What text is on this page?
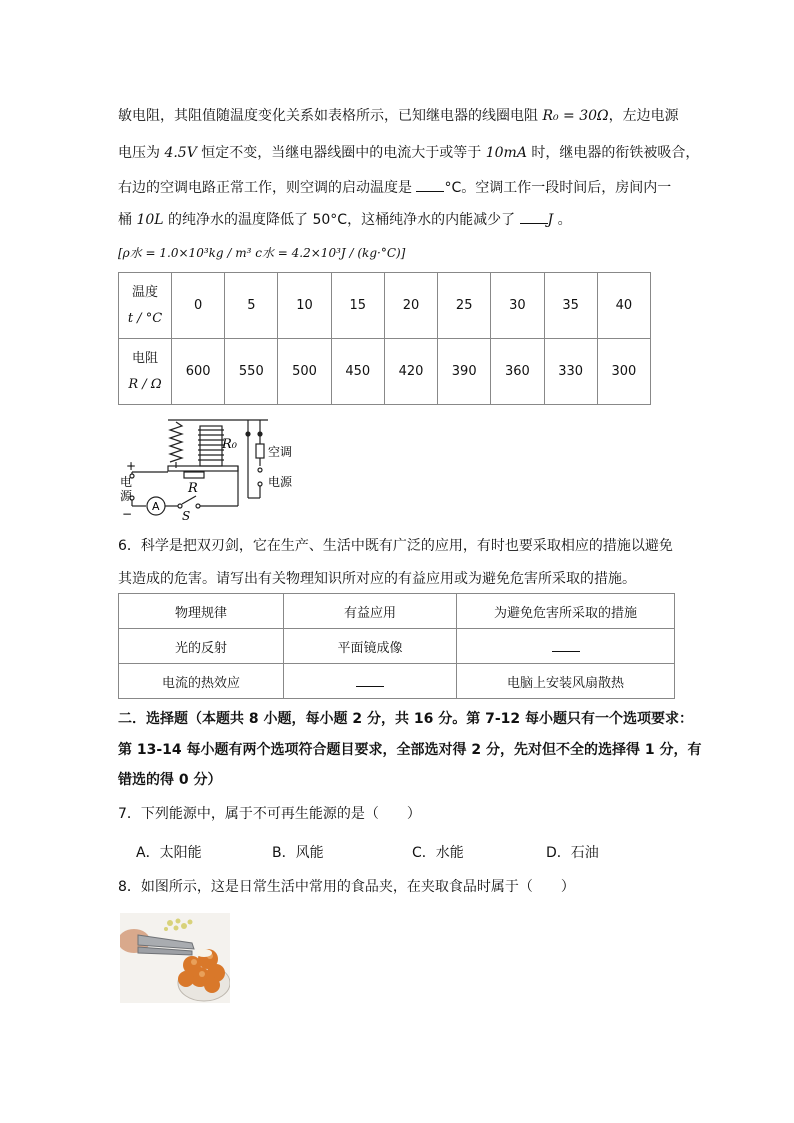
敏电阻，其阻值随温度变化关系如表格所示，已知继电器的线圈电阻 R₀ = 30Ω，左边电源
电压为 4.5V 恒定不变，当继电器线圈中的电流大于或等于 10mA 时，继电器的衔铁被吸合，
右边的空调电路正常工作，则空调的启动温度是 °C。空调工作一段时间后，房间内一
桶 10L 的纯净水的温度降低了 50°C，这桶纯净水的内能减少了 J 。
[ρ水 = 1.0×10³kg / m³ c水 = 4.2×10³J / (kg·°C)]
温度
t / °C	0	5	10	15	20	25	30	35	40

电阻
R / Ω	600	550	500	450	420	390	360	330	300
R₀	空调
电源
+
电
源
−
A
R
S
6．科学是把双刃剑，它在生产、生活中既有广泛的应用，有时也要采取相应的措施以避免
其造成的危害。请写出有关物理知识所对应的有益应用或为避免危害所采取的措施。
物理规律	有益应用	为避免危害所采取的措施
光的反射	平面镜成像	
电流的热效应		电脑上安装风扇散热
二．选择题（本题共 8 小题，每小题 2 分，共 16 分。第 7-12 每小题只有一个选项要求：
第 13-14 每小题有两个选项符合题目要求，全部选对得 2 分，先对但不全的选择得 1 分，有
错选的得 0 分）
7．下列能源中，属于不可再生能源的是（　　）
A．太阳能	B．风能	C．水能	D．石油
8．如图所示，这是日常生活中常用的食品夹，在夹取食品时属于（　　）
